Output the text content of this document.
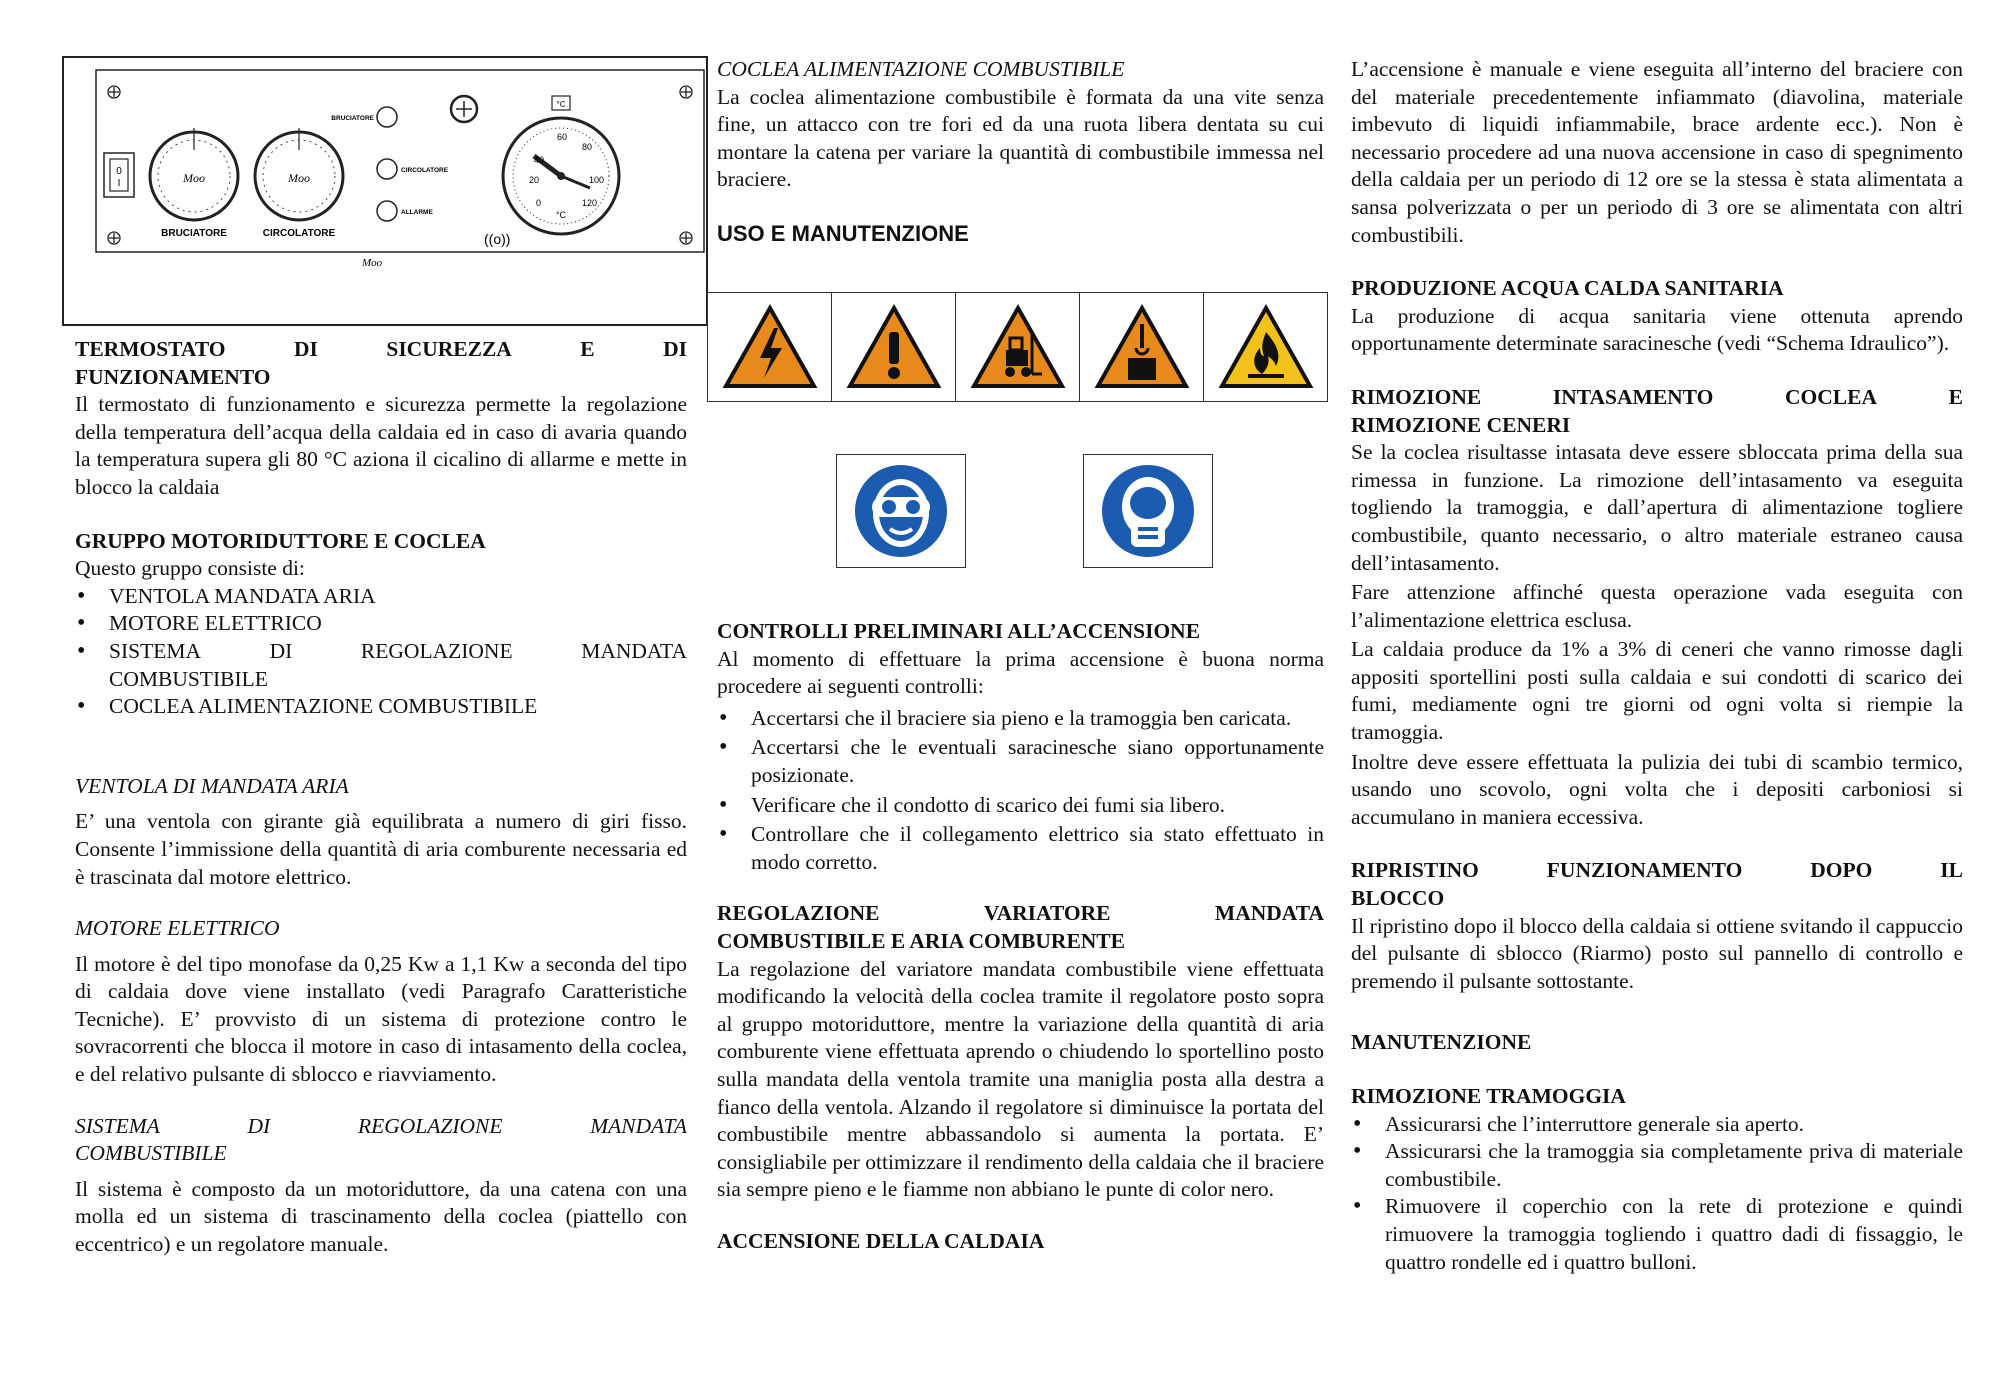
0
I	Moo	Moo
BRUCIATORE	CIRCOLATORE
BRUCIATORE
CIRCOLATORE
ALLARME
°C
40
60
80
20	100
0	120
°C
((o))
Moo
TERMOSTATO	DI	SICUREZZA	E	DI
FUNZIONAMENTO

Il termostato di funzionamento e sicurezza permette la regolazione della temperatura dell’acqua della caldaia ed in caso di avaria quando la temperatura supera gli 80 °C aziona il cicalino di allarme e mette in blocco la caldaia

GRUPPO MOTORIDUTTORE E COCLEA

Questo gruppo consiste di:

• VENTOLA MANDATA ARIA
• MOTORE ELETTRICO
• SISTEMA	DI	REGOLAZIONE	MANDATA
COMBUSTIBILE
• COCLEA ALIMENTAZIONE COMBUSTIBILE
VENTOLA DI MANDATA ARIA

E’ una ventola con girante già equilibrata a numero di giri fisso. Consente l’immissione della quantità di aria comburente necessaria ed è trascinata dal motore elettrico.

MOTORE ELETTRICO

Il motore è del tipo monofase da 0,25 Kw a 1,1 Kw a seconda del tipo di caldaia dove viene installato (vedi Paragrafo Caratteristiche Tecniche). E’ provvisto di un sistema di protezione contro le sovracorrenti che blocca il motore in caso di intasamento della coclea, e del relativo pulsante di sblocco e riavviamento.

SISTEMA	DI	REGOLAZIONE	MANDATA
COMBUSTIBILE

Il sistema è composto da un motoriduttore, da una catena con una molla ed un sistema di trascinamento della coclea (piattello con eccentrico) e un regolatore manuale.

COCLEA ALIMENTAZIONE COMBUSTIBILE

La coclea alimentazione combustibile è formata da una vite senza fine, un attacco con tre fori ed da una ruota libera dentata su cui montare la catena per variare la quantità di combustibile immessa nel braciere.

USO E MANUTENZIONE
CONTROLLI PRELIMINARI ALL’ACCENSIONE

Al momento di effettuare la prima accensione è buona norma procedere ai seguenti controlli:

• Accertarsi che il braciere sia pieno e la tramoggia ben caricata.
• Accertarsi che le eventuali saracinesche siano opportunamente posizionate.
• Verificare che il condotto di scarico dei fumi sia libero.
• Controllare che il collegamento elettrico sia stato effettuato in modo corretto.
REGOLAZIONE	VARIATORE	MANDATA
COMBUSTIBILE E ARIA COMBURENTE

La regolazione del variatore mandata combustibile viene effettuata modificando la velocità della coclea tramite il regolatore posto sopra al gruppo motoriduttore, mentre la variazione della quantità di aria comburente viene effettuata aprendo o chiudendo lo sportellino posto sulla mandata della ventola tramite una maniglia posta alla destra a fianco della ventola. Alzando il regolatore si diminuisce la portata del combustibile mentre abbassandolo si aumenta la portata. E’ consigliabile per ottimizzare il rendimento della caldaia che il braciere sia sempre pieno e le fiamme non abbiano le punte di color nero.

ACCENSIONE DELLA CALDAIA

L’accensione è manuale e viene eseguita all’interno del braciere con del materiale precedentemente infiammato (diavolina, materiale imbevuto di liquidi infiammabile, brace ardente ecc.). Non è necessario procedere ad una nuova accensione in caso di spegnimento della caldaia per un periodo di 12 ore se la stessa è stata alimentata a sansa polverizzata o per un periodo di 3 ore se alimentata con altri combustibili.

PRODUZIONE ACQUA CALDA SANITARIA

La produzione di acqua sanitaria viene ottenuta aprendo opportunamente determinate saracinesche (vedi “Schema Idraulico”).

RIMOZIONE	INTASAMENTO	COCLEA	E
RIMOZIONE CENERI

Se la coclea risultasse intasata deve essere sbloccata prima della sua rimessa in funzione. La rimozione dell’intasamento va eseguita togliendo la tramoggia, e dall’apertura di alimentazione togliere combustibile, quanto necessario, o altro materiale estraneo causa dell’intasamento.

Fare attenzione affinché questa operazione vada eseguita con l’alimentazione elettrica esclusa.

La caldaia produce da 1% a 3% di ceneri che vanno rimosse dagli appositi sportellini posti sulla caldaia e sui condotti di scarico dei fumi, mediamente ogni tre giorni od ogni volta si riempie la tramoggia.

Inoltre deve essere effettuata la pulizia dei tubi di scambio termico, usando uno scovolo, ogni volta che i depositi carboniosi si accumulano in maniera eccessiva.

RIPRISTINO	FUNZIONAMENTO	DOPO	IL
BLOCCO

Il ripristino dopo il blocco della caldaia si ottiene svitando il cappuccio del pulsante di sblocco (Riarmo) posto sul pannello di controllo e premendo il pulsante sottostante.

MANUTENZIONE
RIMOZIONE TRAMOGGIA
• Assicurarsi che l’interruttore generale sia aperto.
• Assicurarsi che la tramoggia sia completamente priva di materiale combustibile.
• Rimuovere il coperchio con la rete di protezione e quindi rimuovere la tramoggia togliendo i quattro dadi di fissaggio, le quattro rondelle ed i quattro bulloni.
